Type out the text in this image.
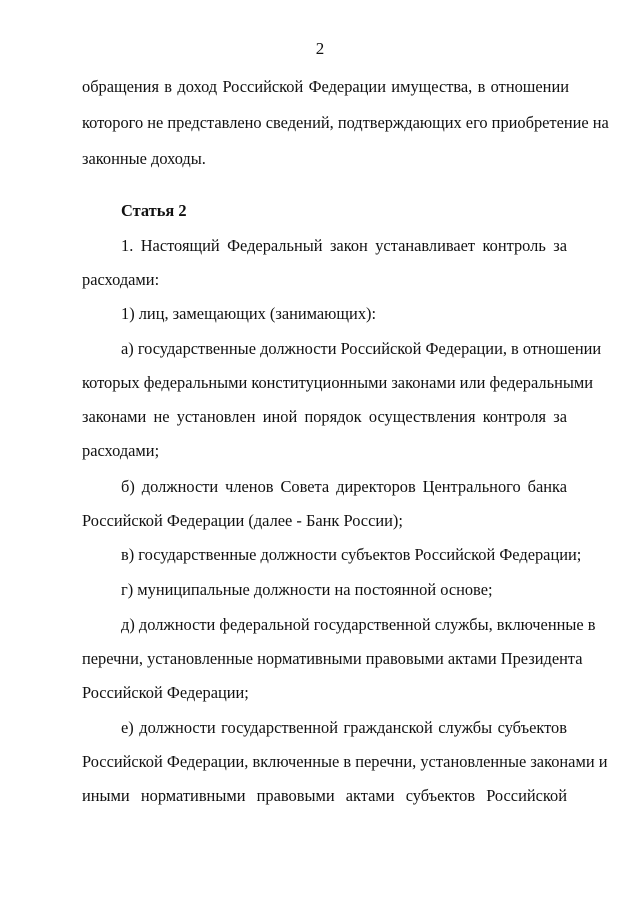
2
обращения в доход Российской Федерации имущества, в отношении
которого не представлено сведений, подтверждающих его приобретение на
законные доходы.
Статья 2
1. Настоящий Федеральный закон устанавливает контроль за
расходами:
1) лиц, замещающих (занимающих):
а) государственные должности Российской Федерации, в отношении
которых федеральными конституционными законами или федеральными
законами не установлен иной порядок осуществления контроля за
расходами;
б) должности членов Совета директоров Центрального банка
Российской Федерации (далее - Банк России);
в) государственные должности субъектов Российской Федерации;
г) муниципальные должности на постоянной основе;
д) должности федеральной государственной службы, включенные в
перечни, установленные нормативными правовыми актами Президента
Российской Федерации;
е) должности государственной гражданской службы субъектов
Российской Федерации, включенные в перечни, установленные законами и
иными нормативными правовыми актами субъектов Российской
